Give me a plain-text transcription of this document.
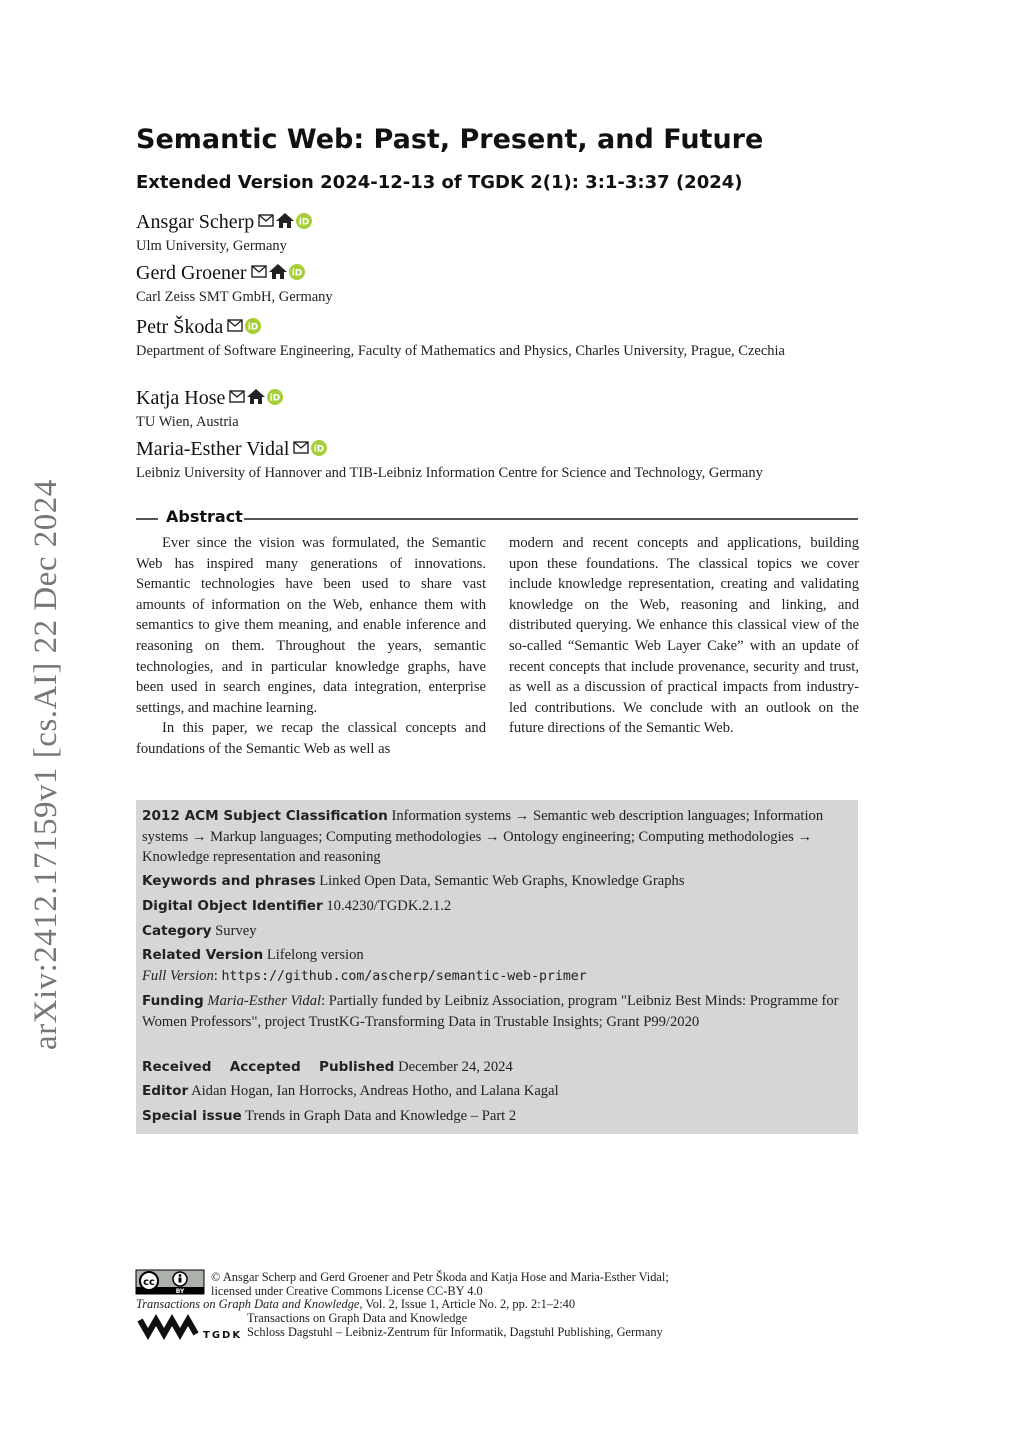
arXiv:2412.17159v1 [cs.AI] 22 Dec 2024
Semantic Web: Past, Present, and Future
Extended Version 2024-12-13 of TGDK 2(1): 3:1-3:37 (2024)
Ansgar Scherp	iD
Ulm University, Germany
Gerd Groener	iD
Carl Zeiss SMT GmbH, Germany
Petr Škoda	iD
Department of Software Engineering, Faculty of Mathematics and Physics, Charles University, Prague, Czechia
Katja Hose	iD
TU Wien, Austria
Maria-Esther Vidal	iD
Leibniz University of Hannover and TIB-Leibniz Information Centre for Science and Technology, Germany
Abstract

Ever since the vision was formulated, the Semantic Web has inspired many generations of innovations. Semantic technologies have been used to share vast amounts of information on the Web, enhance them with semantics to give them meaning, and enable inference and reasoning on them. Throughout the years, semantic technologies, and in particular knowledge graphs, have been used in search engines, data integration, enterprise settings, and machine learning.

In this paper, we recap the classical concepts and foundations of the Semantic Web as well as

modern and recent concepts and applications, building upon these foundations. The classical topics we cover include knowledge representation, creating and validating knowledge on the Web, reasoning and linking, and distributed querying. We enhance this classical view of the so-called “Semantic Web Layer Cake” with an update of recent concepts that include provenance, security and trust, as well as a discussion of practical impacts from industry-led contributions. We conclude with an outlook on the future directions of the Semantic Web.

2012 ACM Subject Classification Information systems → Semantic web description languages; Information systems → Markup languages; Computing methodologies → Ontology engineering; Computing methodologies → Knowledge representation and reasoning
Keywords and phrases Linked Open Data, Semantic Web Graphs, Knowledge Graphs
Digital Object Identifier 10.4230/TGDK.2.1.2
Category Survey
Related Version Lifelong version
Full Version: https://github.com/ascherp/semantic-web-primer
Funding Maria-Esther Vidal: Partially funded by Leibniz Association, program "Leibniz Best Minds: Programme for Women Professors", project TrustKG-Transforming Data in Trustable Insights; Grant P99/2020
Received Accepted Published December 24, 2024
Editor Aidan Hogan, Ian Horrocks, Andreas Hotho, and Lalana Kagal
Special issue Trends in Graph Data and Knowledge – Part 2
cc
BY
© Ansgar Scherp and Gerd Groener and Petr Škoda and Katja Hose and Maria-Esther Vidal;
licensed under Creative Commons License CC-BY 4.0
Transactions on Graph Data and Knowledge, Vol. 2, Issue 1, Article No. 2, pp. 2:1–2:40
TGDK
Transactions on Graph Data and Knowledge
Schloss Dagstuhl – Leibniz-Zentrum für Informatik, Dagstuhl Publishing, Germany
